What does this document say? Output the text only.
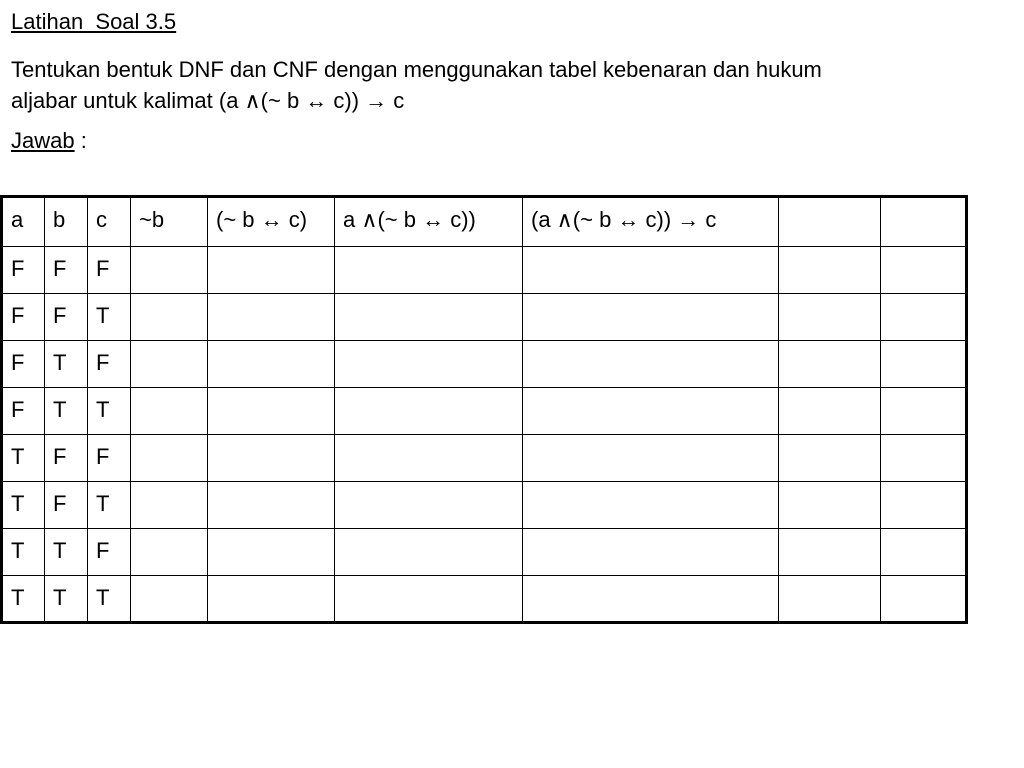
Latihan  Soal 3.5

Tentukan bentuk DNF dan CNF dengan menggunakan tabel kebenaran dan hukum
aljabar untuk kalimat (a ∧(~ b ↔ c)) → c

Jawab :
a	b	c	~b	(~ b ↔ c)	a ∧(~ b ↔ c))	(a ∧(~ b ↔ c)) → c		
F	F	F						
F	F	T						
F	T	F						
F	T	T						
T	F	F						
T	F	T						
T	T	F						
T	T	T						
